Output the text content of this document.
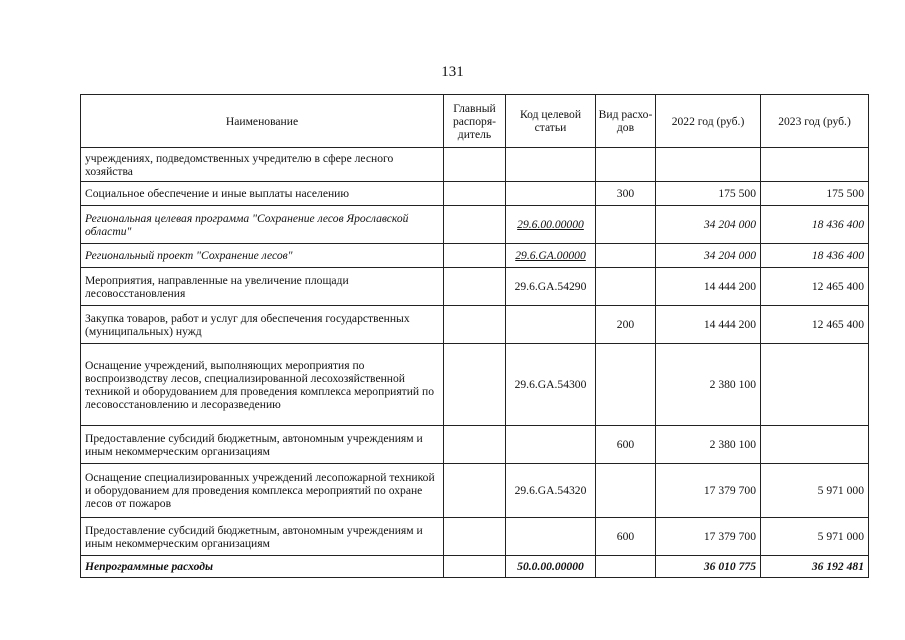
131
Наименование	Главный распоря-дитель	Код целевой статьи	Вид расхо-дов	2022 год (руб.)	2023 год (руб.)
учреждениях, подведомственных учредителю в сфере лесного хозяйства					
Социальное обеспечение и иные выплаты населению			300	175 500	175 500
Региональная целевая программа "Сохранение лесов Ярославской области"		29.6.00.00000		34 204 000	18 436 400
Региональный проект "Сохранение лесов"		29.6.GA.00000		34 204 000	18 436 400
Мероприятия, направленные на увеличение площади лесовосстановления		29.6.GA.54290		14 444 200	12 465 400
Закупка товаров, работ и услуг для обеспечения государственных (муниципальных) нужд			200	14 444 200	12 465 400
Оснащение учреждений, выполняющих мероприятия по воспроизводству лесов, специализированной лесохозяйственной техникой и оборудованием для проведения комплекса мероприятий по лесовосстановлению и лесоразведению		29.6.GA.54300		2 380 100	
Предоставление субсидий бюджетным, автономным учреждениям и иным некоммерческим организациям			600	2 380 100	
Оснащение специализированных учреждений лесопожарной техникой и оборудованием для проведения комплекса мероприятий по охране лесов от пожаров		29.6.GA.54320		17 379 700	5 971 000
Предоставление субсидий бюджетным, автономным учреждениям и иным некоммерческим организациям			600	17 379 700	5 971 000
Непрограммные расходы		50.0.00.00000		36 010 775	36 192 481
